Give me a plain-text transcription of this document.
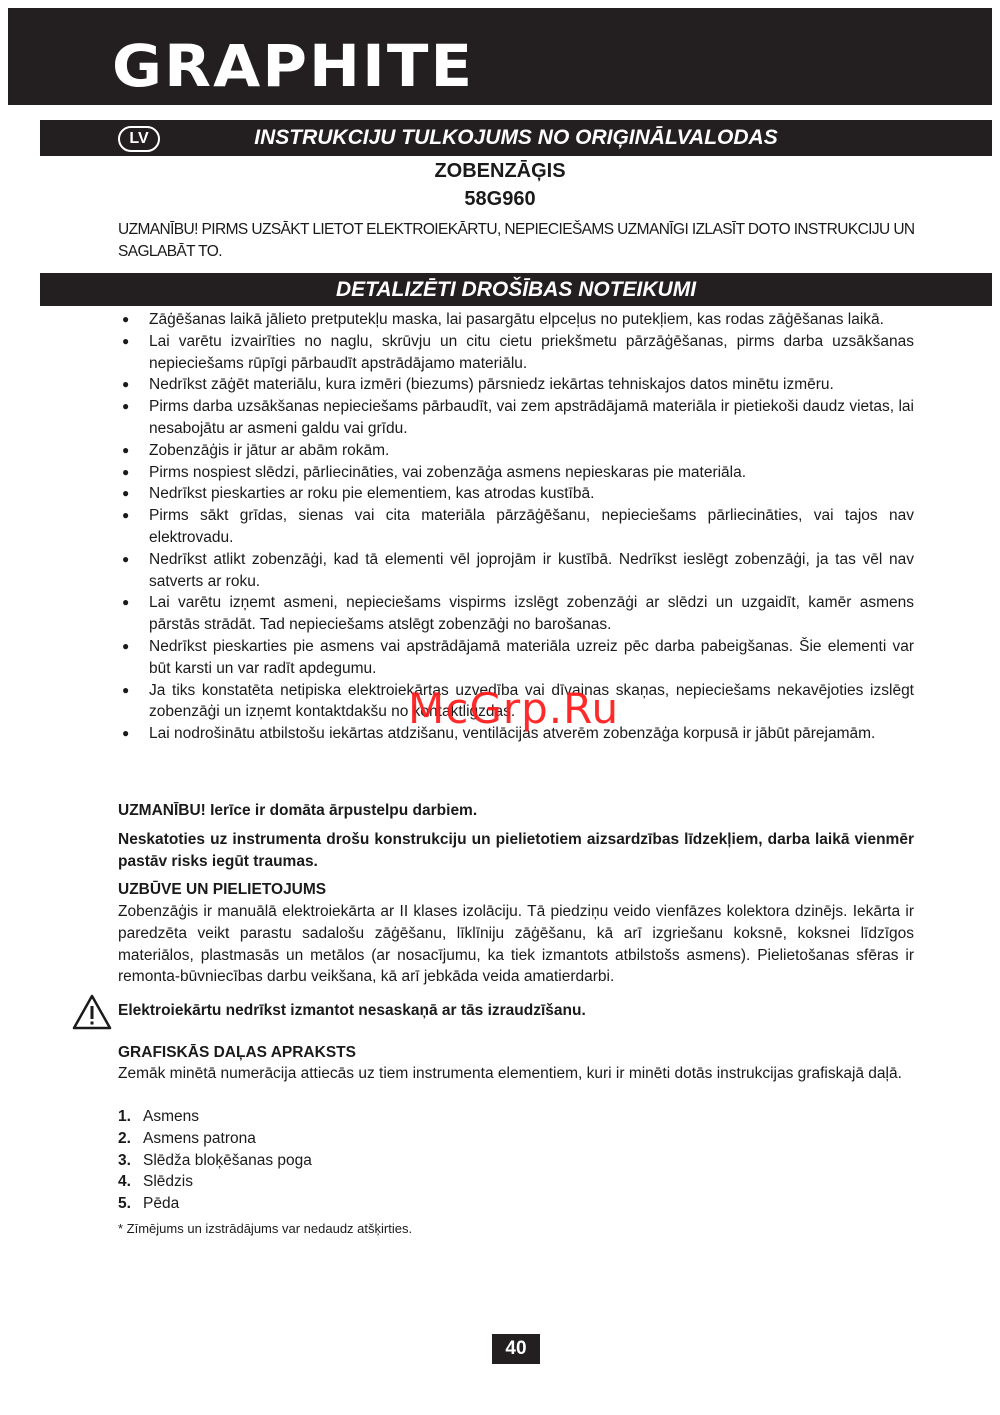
GRAPHITE
INSTRUKCIJU TULKOJUMS NO ORIĢINĀLVALODAS
LV
ZOBENZĀĢIS
58G960
UZMANĪBU! PIRMS UZSĀKT LIETOT ELEKTROIEKĀRTU, NEPIECIEŠAMS UZMANĪGI IZLASĪT DOTO INSTRUKCIJU UN SAGLABĀT TO.
DETALIZĒTI DROŠĪBAS NOTEIKUMI
● Zāģēšanas laikā jālieto pretputekļu maska, lai pasargātu elpceļus no putekļiem, kas rodas zāģēšanas laikā.
● Lai varētu izvairīties no naglu, skrūvju un citu cietu priekšmetu pārzāģēšanas, pirms darba uzsākšanas nepieciešams rūpīgi pārbaudīt apstrādājamo materiālu.
● Nedrīkst zāģēt materiālu, kura izmēri (biezums) pārsniedz iekārtas tehniskajos datos minētu izmēru.
● Pirms darba uzsākšanas nepieciešams pārbaudīt, vai zem apstrādājamā materiāla ir pietiekoši daudz vietas, lai nesabojātu ar asmeni galdu vai grīdu.
● Zobenzāģis ir jātur ar abām rokām.
● Pirms nospiest slēdzi, pārliecināties, vai zobenzāģa asmens nepieskaras pie materiāla.
● Nedrīkst pieskarties ar roku pie elementiem, kas atrodas kustībā.
● Pirms sākt grīdas, sienas vai cita materiāla pārzāģēšanu, nepieciešams pārliecināties, vai tajos nav elektrovadu.
● Nedrīkst atlikt zobenzāģi, kad tā elementi vēl joprojām ir kustībā. Nedrīkst ieslēgt zobenzāģi, ja tas vēl nav satverts ar roku.
● Lai varētu izņemt asmeni, nepieciešams vispirms izslēgt zobenzāģi ar slēdzi un uzgaidīt, kamēr asmens pārstās strādāt. Tad nepieciešams atslēgt zobenzāģi no barošanas.
● Nedrīkst pieskarties pie asmens vai apstrādājamā materiāla uzreiz pēc darba pabeigšanas. Šie elementi var būt karsti un var radīt apdegumu.
● Ja tiks konstatēta netipiska elektroiekārtas uzvedība vai dīvainas skaņas, nepieciešams nekavējoties izslēgt zobenzāģi un izņemt kontaktdakšu no kontaktligzdas.
● Lai nodrošinātu atbilstošu iekārtas atdzišanu, ventilācijas atverēm zobenzāģa korpusā ir jābūt pārejamām.
McGrp.Ru
UZMANĪBU! Ierīce ir domāta ārpustelpu darbiem.
Neskatoties uz instrumenta drošu konstrukciju un pielietotiem aizsardzības līdzekļiem, darba laikā vienmēr pastāv risks iegūt traumas.
UZBŪVE UN PIELIETOJUMS
Zobenzāģis ir manuālā elektroiekārta ar II klases izolāciju. Tā piedziņu veido vienfāzes kolektora dzinējs. Iekārta ir paredzēta veikt parastu sadalošu zāģēšanu, līklīniju zāģēšanu, kā arī izgriešanu koksnē, koksnei līdzīgos materiālos, plastmasās un metālos (ar nosacījumu, ka tiek izmantots atbilstošs asmens). Pielietošanas sfēras ir remonta-būvniecības darbu veikšana, kā arī jebkāda veida amatierdarbi.
Elektroiekārtu nedrīkst izmantot nesaskaņā ar tās izraudzīšanu.
GRAFISKĀS DAĻAS APRAKSTS
Zemāk minētā numerācija attiecās uz tiem instrumenta elementiem, kuri ir minēti dotās instrukcijas grafiskajā daļā.
1. Asmens
2. Asmens patrona
3. Slēdža bloķēšanas poga
4. Slēdzis
5. Pēda
* Zīmējums un izstrādājums var nedaudz atšķirties.
40
